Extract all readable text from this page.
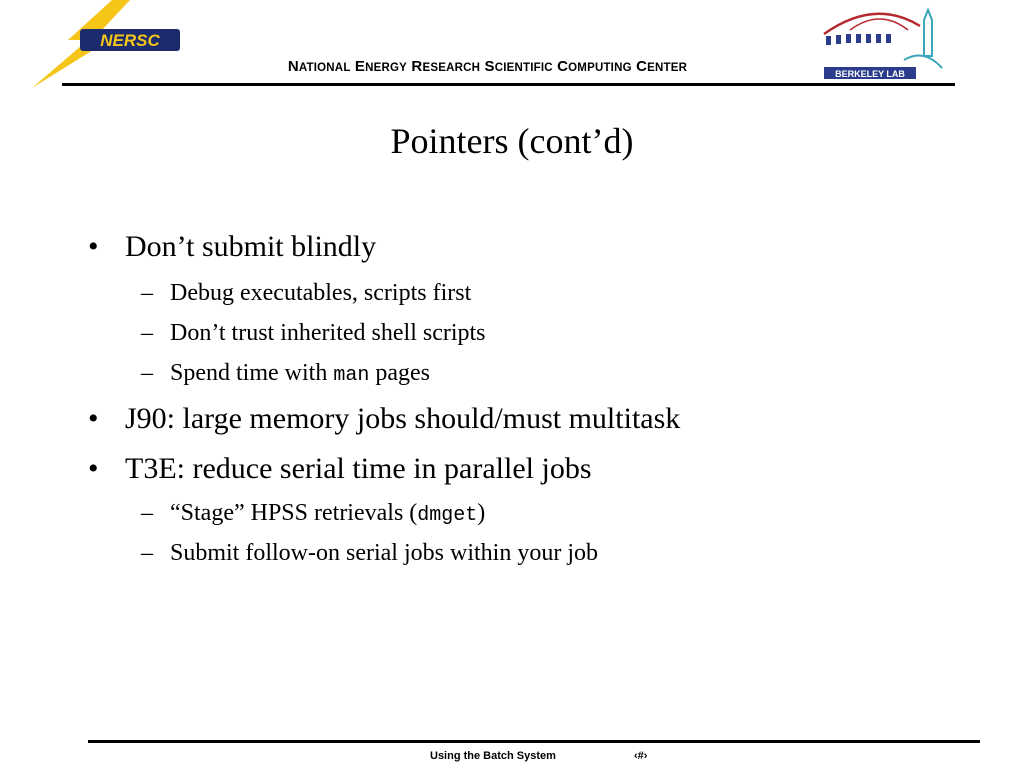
NERSC
NATIONAL ENERGY RESEARCH SCIENTIFIC COMPUTING CENTER	BERKELEY LAB
Pointers (cont’d)
• Don’t submit blindly
– Debug executables, scripts first
– Don’t trust inherited shell scripts
– Spend time with man pages
• J90: large memory jobs should/must multitask
• T3E: reduce serial time in parallel jobs
– “Stage” HPSS retrievals (dmget)
– Submit follow-on serial jobs within your job
Using the Batch System	‹#›
